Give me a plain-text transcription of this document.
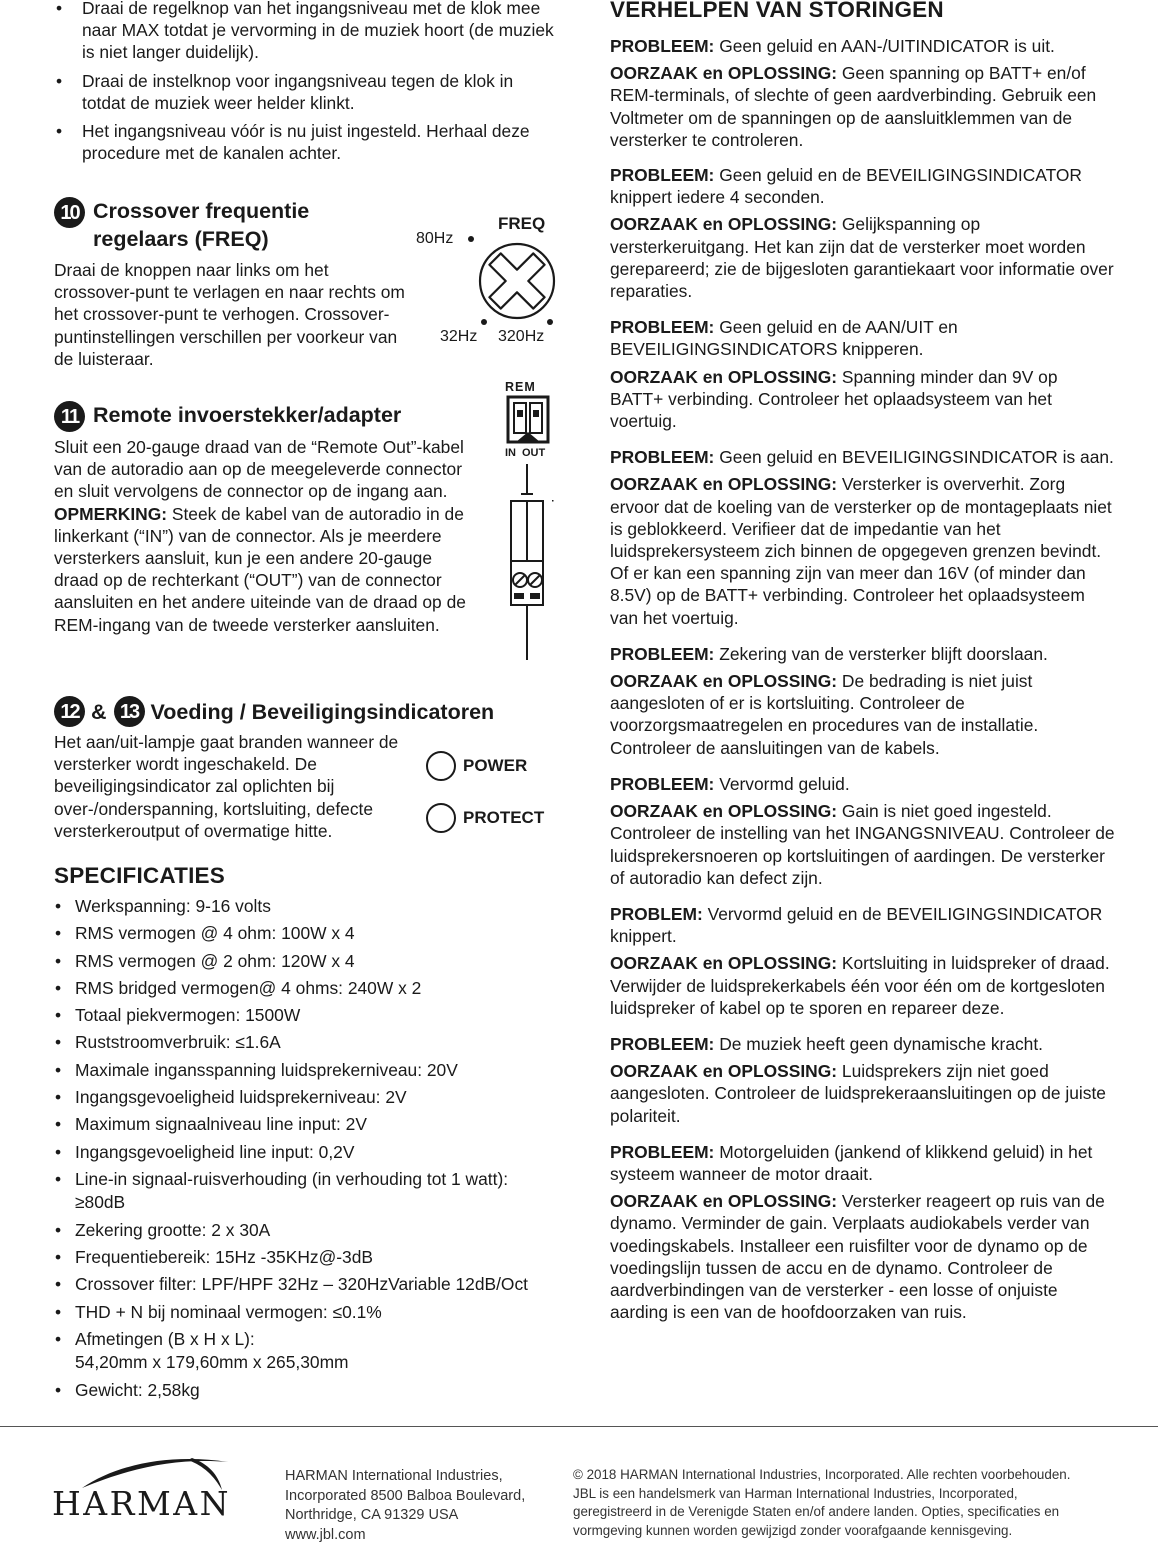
• Draai de regelknop van het ingangsniveau met de klok mee naar MAX totdat je vervorming in de muziek hoort (de muziek is niet langer duidelijk).
• Draai de instelknop voor ingangsniveau tegen de klok in totdat de muziek weer helder klinkt.
• Het ingangsniveau vóór is nu juist ingesteld. Herhaal deze procedure met de kanalen achter.
10 Crossover frequentie
regelaars (FREQ)

Draai de knoppen naar links om het crossover-punt te verlagen en naar rechts om het crossover-punt te verhogen. Crossover-puntinstellingen verschillen per voorkeur van de luisteraar.

FREQ
80Hz
32Hz 320Hz
11 Remote invoerstekker/adapter

Sluit een 20-gauge draad van de “Remote Out”-kabel van de autoradio aan op de meegeleverde connector en sluit vervolgens de connector op de ingang aan. OPMERKING: Steek de kabel van de autoradio in de linkerkant (“IN”) van de connector. Als je meerdere versterkers aansluit, kun je een andere 20-gauge draad op de rechterkant (“OUT”) van de connector aansluiten en het andere uiteinde van de draad op de REM-ingang van de tweede versterker aansluiten.

REM
IN OUT
12 & 13 Voeding / Beveiligingsindicatoren

Het aan/uit-lampje gaat branden wanneer de versterker wordt ingeschakeld. De beveiligingsindicator zal oplichten bij over-/onderspanning, kortsluiting, defecte versterkeroutput of overmatige hitte.

POWER
PROTECT
SPECIFICATIES
• Werkspanning: 9-16 volts
• RMS vermogen @ 4 ohm: 100W x 4
• RMS vermogen @ 2 ohm: 120W x 4
• RMS bridged vermogen@ 4 ohms: 240W x 2
• Totaal piekvermogen: 1500W
• Ruststroomverbruik: ≤1.6A
• Maximale ingansspanning luidsprekerniveau: 20V
• Ingangsgevoeligheid luidsprekerniveau: 2V
• Maximum signaalniveau line input: 2V
• Ingangsgevoeligheid line input: 0,2V
• Line-in signaal-ruisverhouding (in verhouding tot 1 watt): ≥80dB
• Zekering grootte: 2 x 30A
• Frequentiebereik: 15Hz -35KHz@-3dB
• Crossover filter: LPF/HPF 32Hz – 320HzVariable 12dB/Oct
• THD + N bij nominaal vermogen: ≤0.1%
• Afmetingen (B x H x L):
54,20mm x 179,60mm x 265,30mm
• Gewicht: 2,58kg
VERHELPEN VAN STORINGEN

PROBLEEM: Geen geluid en AAN-/UITINDICATOR is uit.

OORZAAK en OPLOSSING: Geen spanning op BATT+ en/of REM-terminals, of slechte of geen aardverbinding. Gebruik een Voltmeter om de spanningen op de aansluitklemmen van de versterker te controleren.

PROBLEEM: Geen geluid en de BEVEILIGINGSINDICATOR knippert iedere 4 seconden.

OORZAAK en OPLOSSING: Gelijkspanning op versterkeruitgang. Het kan zijn dat de versterker moet worden gerepareerd; zie de bijgesloten garantiekaart voor informatie over reparaties.

PROBLEEM: Geen geluid en de AAN/UIT en BEVEILIGINGSINDICATORS knipperen.

OORZAAK en OPLOSSING: Spanning minder dan 9V op BATT+ verbinding. Controleer het oplaadsysteem van het voertuig.

PROBLEEM: Geen geluid en BEVEILIGINGSINDICATOR is aan.

OORZAAK en OPLOSSING: Versterker is oververhit. Zorg ervoor dat de koeling van de versterker op de montageplaats niet is geblokkeerd. Verifieer dat de impedantie van het luidsprekersysteem zich binnen de opgegeven grenzen bevindt. Of er kan een spanning zijn van meer dan 16V (of minder dan 8.5V) op de BATT+ verbinding. Controleer het oplaadsysteem van het voertuig.

PROBLEEM: Zekering van de versterker blijft doorslaan.

OORZAAK en OPLOSSING: De bedrading is niet juist aangesloten of er is kortsluiting. Controleer de voorzorgsmaatregelen en procedures van de installatie. Controleer de aansluitingen van de kabels.

PROBLEEM: Vervormd geluid.

OORZAAK en OPLOSSING: Gain is niet goed ingesteld. Controleer de instelling van het INGANGSNIVEAU. Controleer de luidsprekersnoeren op kortsluitingen of aardingen. De versterker of autoradio kan defect zijn.

PROBLEM: Vervormd geluid en de BEVEILIGINGSINDICATOR knippert.

OORZAAK en OPLOSSING: Kortsluiting in luidspreker of draad. Verwijder de luidsprekerkabels één voor één om de kortgesloten luidspreker of kabel op te sporen en repareer deze.

PROBLEEM: De muziek heeft geen dynamische kracht.

OORZAAK en OPLOSSING: Luidsprekers zijn niet goed aangesloten. Controleer de luidsprekeraansluitingen op de juiste polariteit.

PROBLEEM: Motorgeluiden (jankend of klikkend geluid) in het systeem wanneer de motor draait.

OORZAAK en OPLOSSING: Versterker reageert op ruis van de dynamo. Verminder de gain. Verplaats audiokabels verder van voedingskabels. Installeer een ruisfilter voor de dynamo op de voedingslijn tussen de accu en de dynamo. Controleer de aardverbindingen van de versterker - een losse of onjuiste aarding is een van de hoofdoorzaken van ruis.

HARMAN
HARMAN International Industries,
Incorporated 8500 Balboa Boulevard,
Northridge, CA 91329 USA
www.jbl.com
© 2018 HARMAN International Industries, Incorporated. Alle rechten voorbehouden.
JBL is een handelsmerk van Harman International Industries, Incorporated,
geregistreerd in de Verenigde Staten en/of andere landen. Opties, specificaties en
vormgeving kunnen worden gewijzigd zonder voorafgaande kennisgeving.
